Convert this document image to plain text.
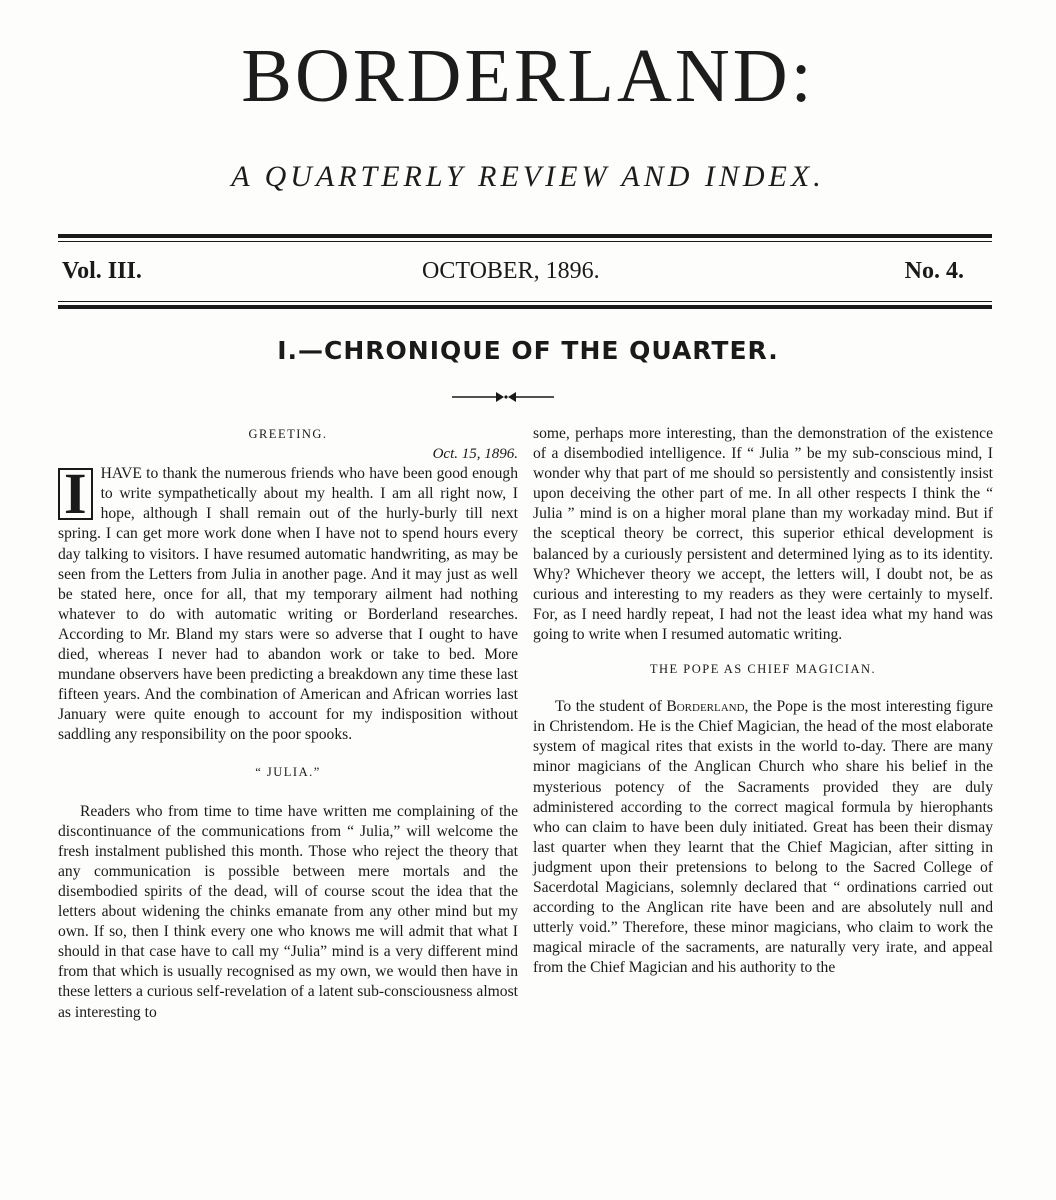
BORDERLAND:
A QUARTERLY REVIEW AND INDEX.
Vol. III.	OCTOBER, 1896.	No. 4.
I.—CHRONIQUE OF THE QUARTER.

GREETING.

Oct. 15, 1896.

I HAVE to thank the numerous friends who have been good enough to write sympathetically about my health. I am all right now, I hope, although I shall remain out of the hurly-burly till next spring. I can get more work done when I have not to spend hours every day talking to visitors. I have resumed automatic handwriting, as may be seen from the Letters from Julia in another page. And it may just as well be stated here, once for all, that my temporary ailment had nothing whatever to do with automatic writing or Borderland researches. According to Mr. Bland my stars were so adverse that I ought to have died, whereas I never had to abandon work or take to bed. More mundane observers have been predicting a breakdown any time these last fifteen years. And the combination of American and African worries last January were quite enough to account for my indisposition without saddling any responsibility on the poor spooks.

“ JULIA.”

Readers who from time to time have written me complaining of the discontinuance of the communications from “ Julia,” will welcome the fresh instalment published this month. Those who reject the theory that any communication is possible between mere mortals and the disembodied spirits of the dead, will of course scout the idea that the letters about widening the chinks emanate from any other mind but my own. If so, then I think every one who knows me will admit that what I should in that case have to call my “Julia” mind is a very different mind from that which is usually recognised as my own, we would then have in these letters a curious self-revelation of a latent sub-consciousness almost as interesting to

some, perhaps more interesting, than the demonstration of the existence of a disembodied intelligence. If “ Julia ” be my sub-conscious mind, I wonder why that part of me should so persistently and consistently insist upon deceiving the other part of me. In all other respects I think the “ Julia ” mind is on a higher moral plane than my workaday mind. But if the sceptical theory be correct, this superior ethical development is balanced by a curiously persistent and determined lying as to its identity. Why? Whichever theory we accept, the letters will, I doubt not, be as curious and interesting to my readers as they were certainly to myself. For, as I need hardly repeat, I had not the least idea what my hand was going to write when I resumed automatic writing.

THE POPE AS CHIEF MAGICIAN.

To the student of Borderland, the Pope is the most interesting figure in Christendom. He is the Chief Magician, the head of the most elaborate system of magical rites that exists in the world to-day. There are many minor magicians of the Anglican Church who share his belief in the mysterious potency of the Sacraments provided they are duly administered according to the correct magical formula by hierophants who can claim to have been duly initiated. Great has been their dismay last quarter when they learnt that the Chief Magician, after sitting in judgment upon their pretensions to belong to the Sacred College of Sacerdotal Magicians, solemnly declared that “ ordinations carried out according to the Anglican rite have been and are absolutely null and utterly void.” Therefore, these minor magicians, who claim to work the magical miracle of the sacraments, are naturally very irate, and appeal from the Chief Magician and his authority to the
